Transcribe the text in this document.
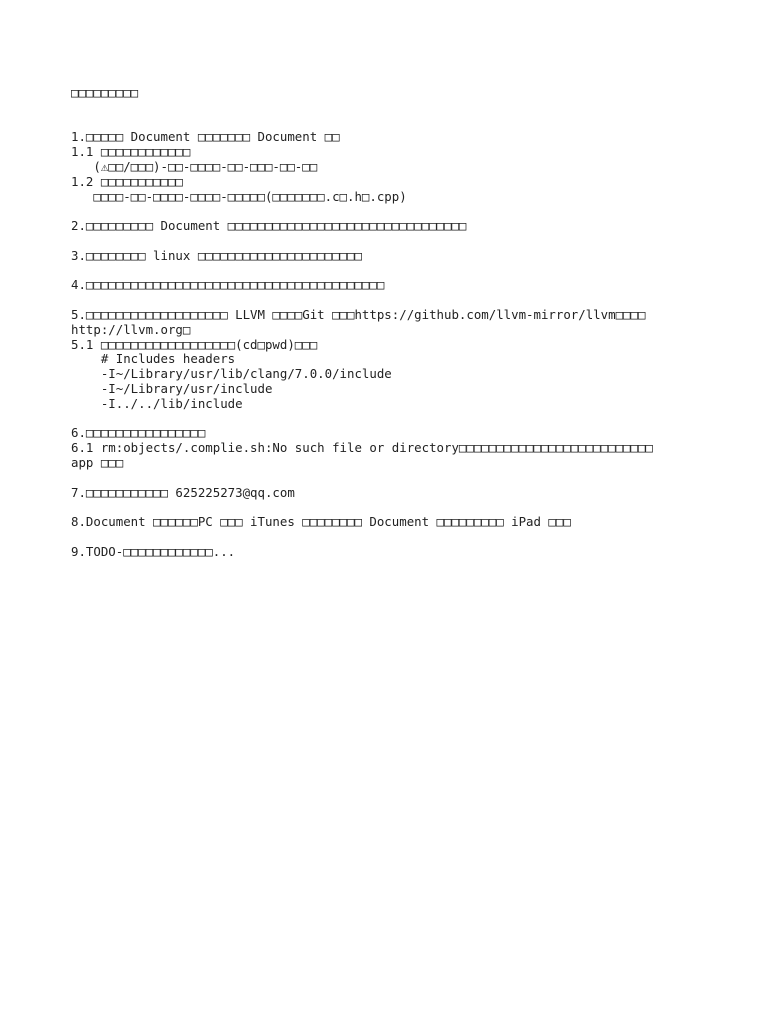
□□□□□□□□□
1.□□□□□ Document □□□□□□□ Document □□
1.1 □□□□□□□□□□□□
(⚠□□/□□□)-□□-□□□□-□□-□□□-□□-□□
1.2 □□□□□□□□□□□
□□□□-□□-□□□□-□□□□-□□□□□(□□□□□□□.c□.h□.cpp)
2.□□□□□□□□□ Document □□□□□□□□□□□□□□□□□□□□□□□□□□□□□□□□
3.□□□□□□□□ linux □□□□□□□□□□□□□□□□□□□□□□
4.□□□□□□□□□□□□□□□□□□□□□□□□□□□□□□□□□□□□□□□□
5.□□□□□□□□□□□□□□□□□□□ LLVM □□□□Git □□□https://github.com/llvm-mirror/llvm□□□□
http://llvm.org□
5.1 □□□□□□□□□□□□□□□□□□(cd□pwd)□□□
# Includes headers
-I~/Library/usr/lib/clang/7.0.0/include
-I~/Library/usr/include
-I../../lib/include
6.□□□□□□□□□□□□□□□□
6.1 rm:objects/.complie.sh:No such file or directory□□□□□□□□□□□□□□□□□□□□□□□□□□
app □□□
7.□□□□□□□□□□□ 625225273@qq.com
8.Document □□□□□□PC □□□ iTunes □□□□□□□□ Document □□□□□□□□□ iPad □□□
9.TODO-□□□□□□□□□□□□...
